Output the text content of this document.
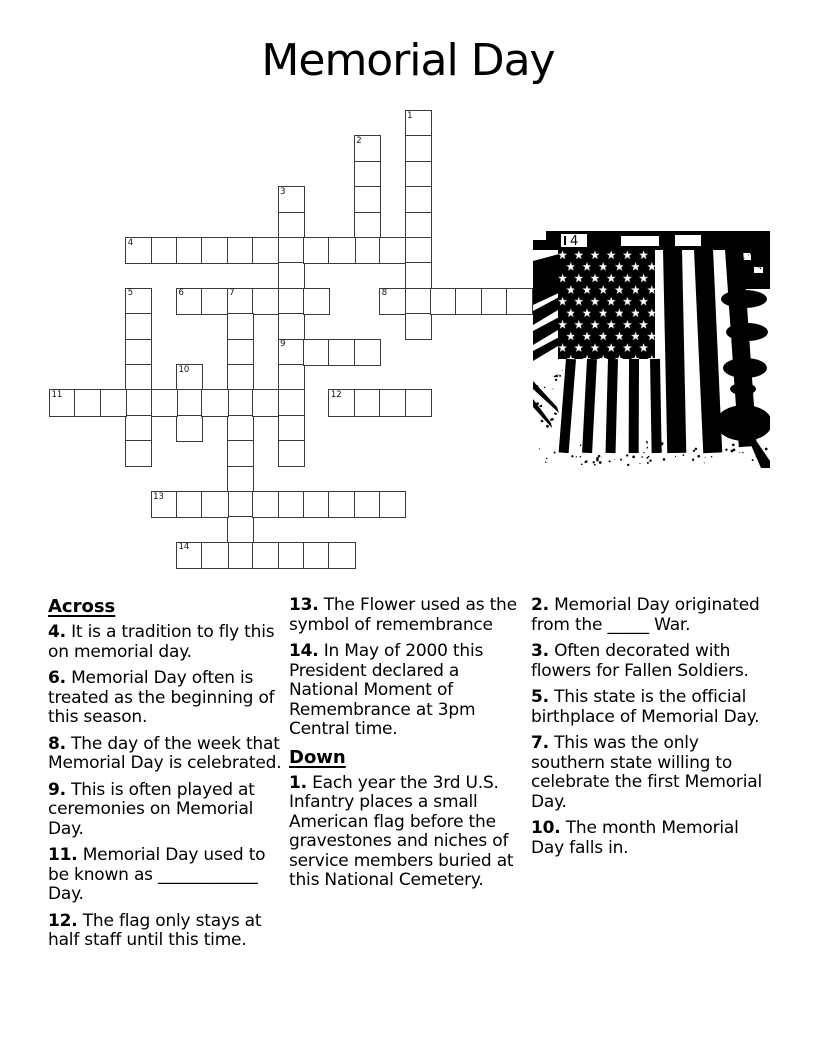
Memorial Day
1
2
3
9
4
5	6	7	8
10
11	12
13
14
4

Across

4. It is a tradition to fly this on memorial day.

6. Memorial Day often is treated as the beginning of this season.

8. The day of the week that Memorial Day is celebrated.

9. This is often played at ceremonies on Memorial Day.

11. Memorial Day used to be known as ____________ Day.

12. The flag only stays at half staff until this time.

13. The Flower used as the symbol of remembrance

14. In May of 2000 this President declared a National Moment of Remembrance at 3pm Central time.

Down

1. Each year the 3rd U.S. Infantry places a small American flag before the gravestones and niches of service members buried at this National Cemetery.

2. Memorial Day originated from the _____ War.

3. Often decorated with flowers for Fallen Soldiers.

5. This state is the official birthplace of Memorial Day.

7. This was the only southern state willing to celebrate the first Memorial Day.

10. The month Memorial Day falls in.
